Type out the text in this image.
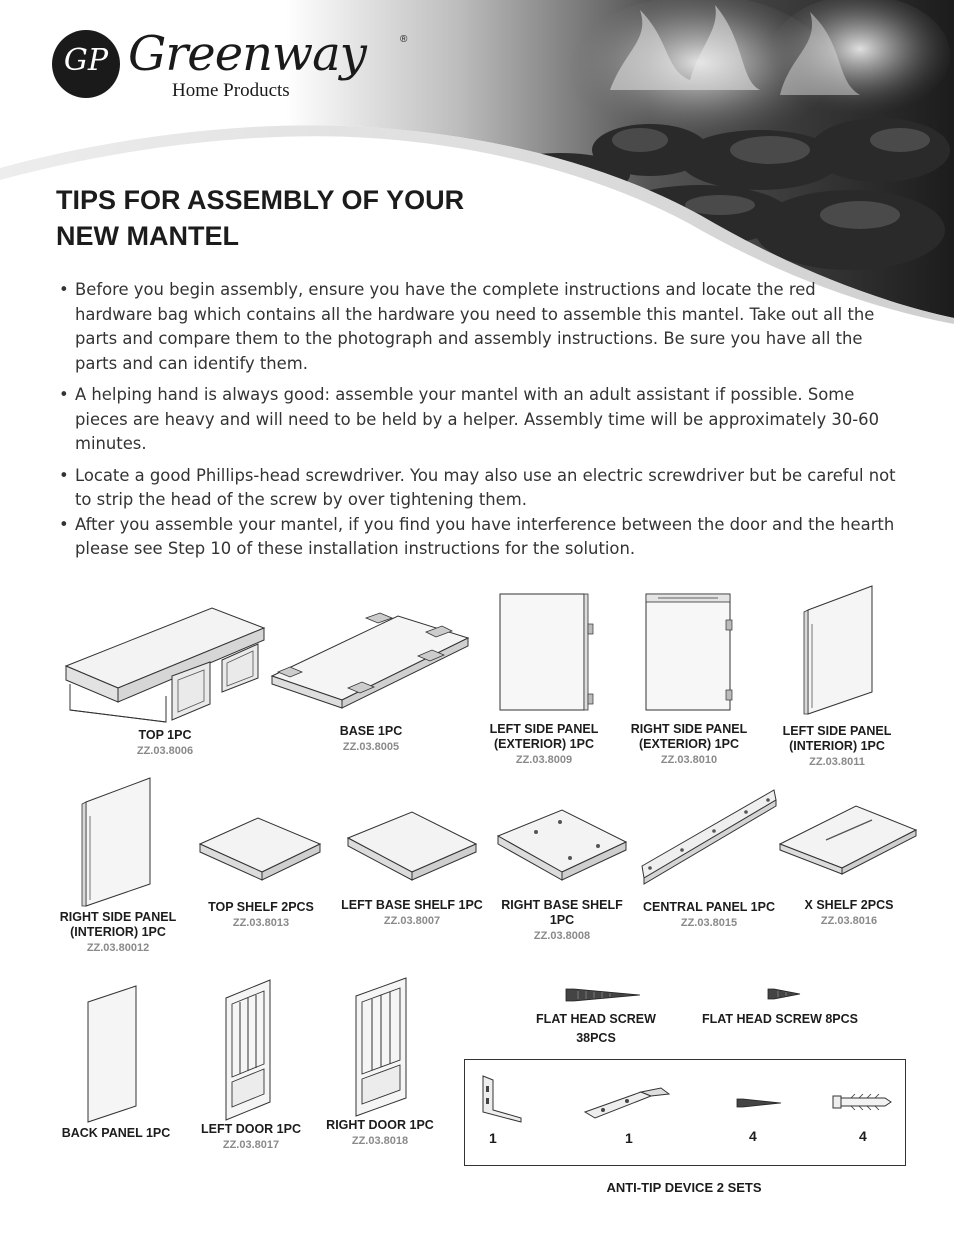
GP Greenway	®
Home Products
TIPS FOR ASSEMBLY OF YOUR
NEW MANTEL

• Before you begin assembly, ensure you have the complete instructions and locate the red hardware bag which contains all the hardware you need to assemble this mantel. Take out all the parts and compare them to the photograph and assembly instructions. Be sure you have all the parts and can identify them.

• A helping hand is always good: assemble your mantel with an adult assistant if possible. Some pieces are heavy and will need to be held by a helper. Assembly time will be approximately 30-60 minutes.

• Locate a good Phillips-head screwdriver. You may also use an electric screwdriver but be careful not to strip the head of the screw by over tightening them.

• After you assemble your mantel, if you find you have interference between the door and the hearth please see Step 10 of these installation instructions for the solution.

TOP 1PC
ZZ.03.8006
BASE 1PC
ZZ.03.8005
LEFT SIDE PANEL
(EXTERIOR) 1PC
ZZ.03.8009
RIGHT SIDE PANEL
(EXTERIOR) 1PC
ZZ.03.8010
LEFT SIDE PANEL
(INTERIOR) 1PC
ZZ.03.8011
RIGHT SIDE PANEL
(INTERIOR) 1PC
ZZ.03.80012
TOP SHELF 2PCS
ZZ.03.8013
LEFT BASE SHELF 1PC
ZZ.03.8007
RIGHT BASE SHELF
1PC
ZZ.03.8008
CENTRAL PANEL 1PC
ZZ.03.8015
X SHELF 2PCS
ZZ.03.8016
BACK PANEL 1PC	LEFT DOOR 1PC
ZZ.03.8017
RIGHT DOOR 1PC
ZZ.03.8018
FLAT HEAD SCREW
38PCS
FLAT HEAD SCREW 8PCS
1	1	4	4
ANTI-TIP DEVICE 2 SETS
